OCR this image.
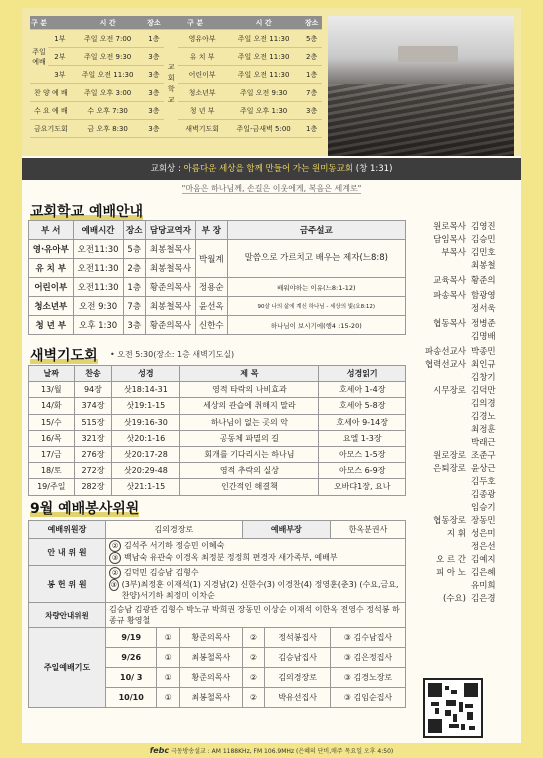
구 분		시 간	장소	구 분		시 간	장소
주일예배	1부	주일 오전 7:00	1층	교회학교	영유아부	주일 오전 11:30	5층
	2부	주일 오전 9:30	3층		유 치 부	주일 오전 11:30	2층
	3부	주일 오전 11:30	3층		어린이부	주일 오전 11:30	1층
찬 양 예 배		주일 오후 3:00	3층		청소년부	주일 오전 9:30	7층
수 요 예 배		수 오후 7:30	3층		청 년 부	주일 오후 1:30	3층
금요기도회		금 오후 8:30	3층		새벽기도회	주일-금새벽 5:00	1층
교회상 : 아름다운 세상을 함께 만들어 가는 원미동교회 (창 1:31)
"마음은 하나님께, 손길은 이웃에게, 복음은 세계로"
교회학교 예배안내
부 서	예배시간	장소	담당교역자	부 장	금주설교
영·유아부	오전11:30	5층	최봉철목사	박월계	말씀으로 가르치고 배우는 제자(느8:8)
유 치 부	오전11:30	2층	최봉철목사		
어린이부	오전11:30	1층	황준의목사	정용순	배워야하는 이유(느8:1-12)
청소년부	오전 9:30	7층	최봉철목사	윤선옥	90살 나의 삶에 계신 하나님 - 세상의 빛(요8:12)
청 년 부	오후 1:30	3층	황준의목사	신한수	하나님이 보시기에(행4 :15-20)
새벽기도회 • 오전 5:30(장소: 1층 새벽기도실)
날짜	찬송	성경	제 목	성경읽기
13/월	94장	삿18:14-31	영적 타락의 나비효과	호세아 1-4장
14/화	374장	삿19:1-15	세상의 관습에 취해지 말라	호세아 5-8장
15/수	515장	삿19:16-30	하나님이 없는 곳의 악	호세아 9-14장
16/목	321장	삿20:1-16	공동체 파멸의 길	요엘 1-3장
17/금	276장	삿20:17-28	회개를 기다리시는 하나님	아모스 1-5장
18/토	272장	삿20:29-48	영적 추락의 실상	아모스 6-9장
19/주일	282장	삿21:1-15	인간적인 해결책	오바댜1장, 요나
9월 예배봉사위원
예배위원장	김의경장로			예배부장		한옥분권사
안 내 위 원	② 김석주 서기하 정승민 이혜숙
③ 백남숙 유관숙 이경옥 최정분 정정희 편경자 새가족부, 예배부					

봉 헌 위 원	② 김덕민 김승남 김형수
③ (3부)최정훈 이재석(1) 지경남(2) 신한수(3) 이경찬(4) 정영훈(춘3) (수요,금요,찬양)서기하 최정미 이차순					

차량안내위원	김승남 김광관 김형수 박노규 박희권 장동민 이상순 이재석 이한옥 전영수 정석봉 하종규 황영철					
주일예배기도	9/19	①	황준의목사	②	정석봉집사	③ 김수남집사
	9/26	①	최봉철목사	②	김승남집사	③ 김은정집사
	10/ 3	①	황준의목사	②	김의경장로	③ 김경노장로
	10/10	①	최봉철목사	②	박유선집사	③ 김임순집사
원로목사 김영진
담임목사 김승민
부목사 김민호
최봉철
교육목사 황준의
파송목사 함광영
정서욱
협동목사 정병준
김명배
파송선교사 박종민
협력선교사 최인규
김창기
시무장로 김덕만
김의경
김경노
최정훈
박래근
원로장로 조준구
은퇴장로 윤상근
김두호
김종광
임승기
협동장로 장동민
지 휘 성은미
정은선
오 르 간 김예지
피 아 노 김은혜
유미희
(수요) 김은경
febc 극동방송설교 : AM 1188KHz, FM 106.9MHz (은혜의 단비,매주 목요일 오후 4:50)
